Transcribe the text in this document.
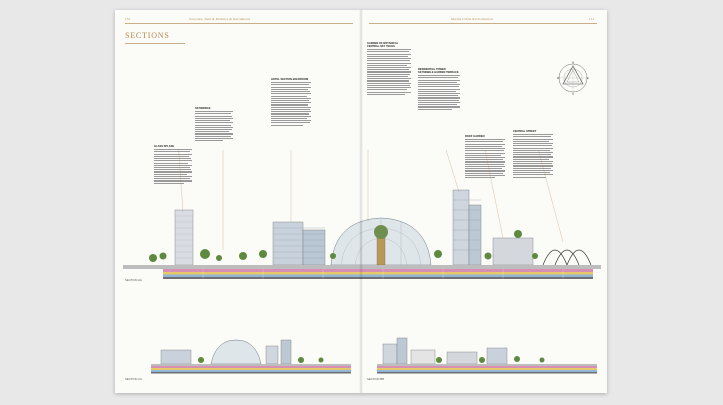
150	Structure, Skin & Modules & Instruments
SECTIONS
GLASS SPLASH
SKYBRIDGE
HOTEL SECTION BOLDROOM
SECTION AA
SECTION CC
Marina Urban Revitalization	151
GARDEN OF BOTANICAL CENTRAL SKY TECHS
RESIDENTIAL TOWER SKYMOBILE GARDEN TERRACE
ROOF GARDEN
CENTRAL STREET
N
W	E
S
SECTION BB
